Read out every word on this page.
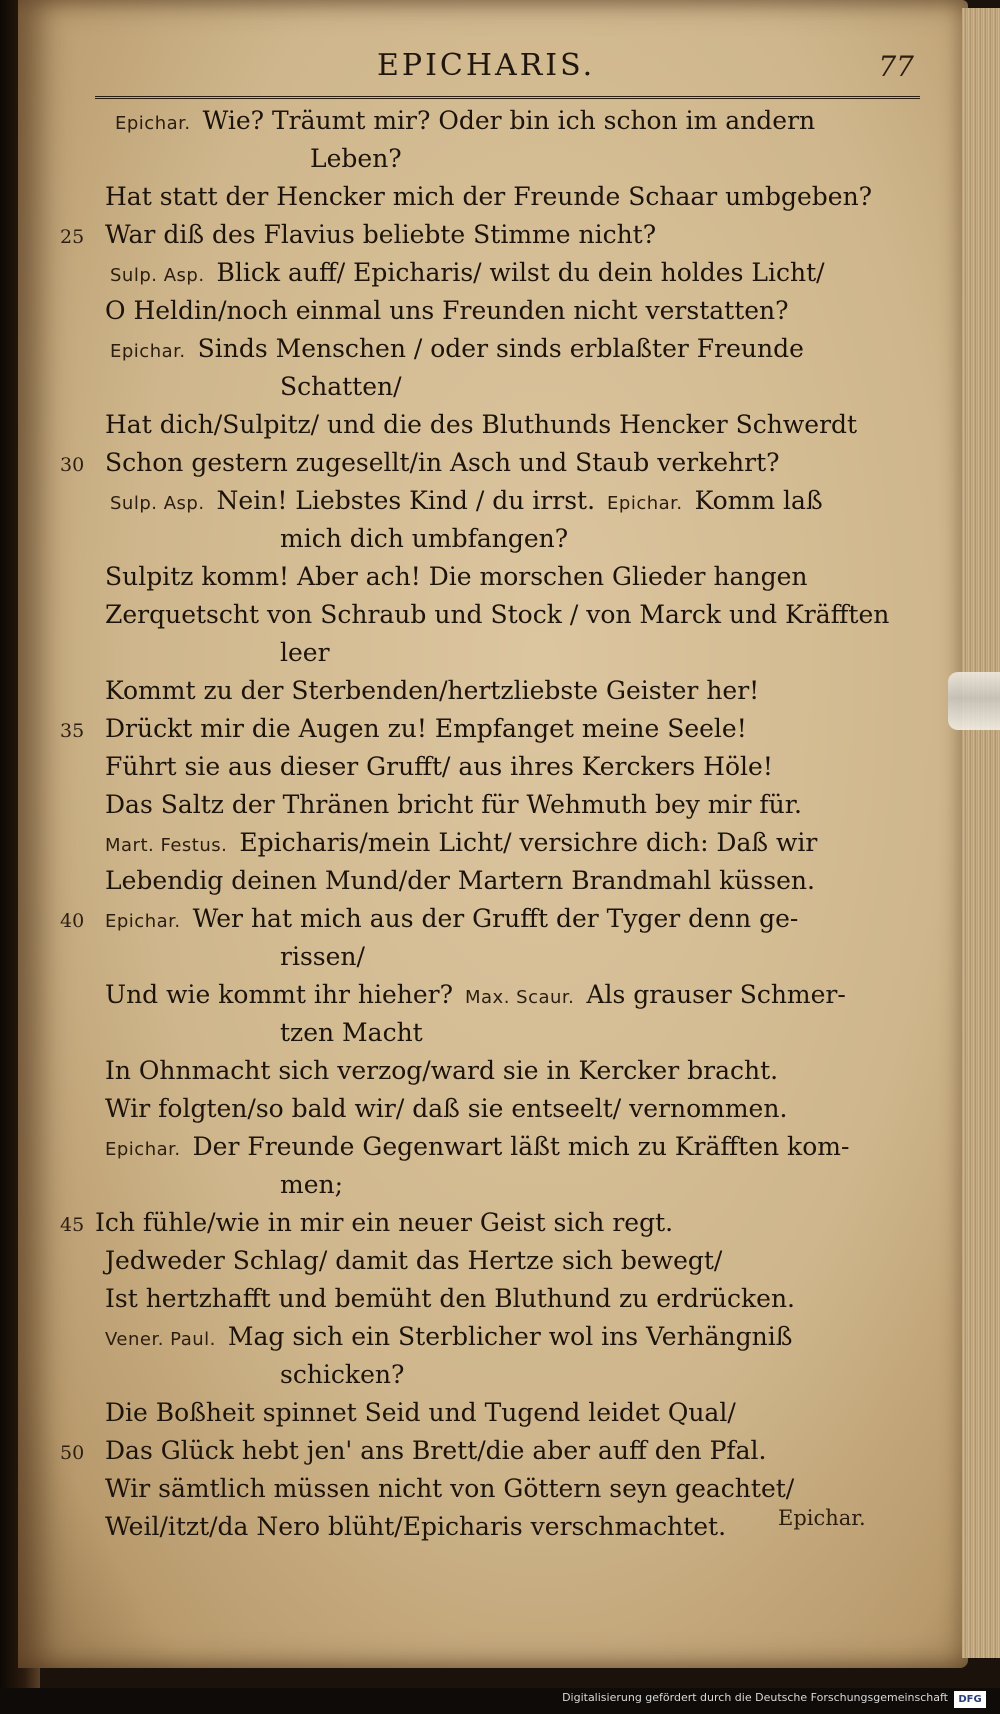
EPICHARIS.	77
Epichar. Wie? Träumt mir? Oder bin ich schon im andern
Leben?
Hat statt der Hencker mich der Freunde Schaar umbgeben?
25 War diß des Flavius beliebte Stimme nicht?
Sulp. Asp. Blick auff/ Epicharis/ wilst du dein holdes Licht/
O Heldin/noch einmal uns Freunden nicht verstatten?
Epichar. Sinds Menschen / oder sinds erblaßter Freunde
Schatten/
Hat dich/Sulpitz/ und die des Bluthunds Hencker Schwerdt
30 Schon gestern zugesellt/in Asch und Staub verkehrt?
Sulp. Asp. Nein! Liebstes Kind / du irrst. Epichar. Komm laß
mich dich umbfangen?
Sulpitz komm! Aber ach! Die morschen Glieder hangen
Zerquetscht von Schraub und Stock / von Marck und Kräfften
leer
Kommt zu der Sterbenden/hertzliebste Geister her!
35 Drückt mir die Augen zu! Empfanget meine Seele!
Führt sie aus dieser Grufft/ aus ihres Kerckers Höle!
Das Saltz der Thränen bricht für Wehmuth bey mir für.
Mart. Festus. Epicharis/mein Licht/ versichre dich: Daß wir
Lebendig deinen Mund/der Martern Brandmahl küssen.
40	Epichar. Wer hat mich aus der Grufft der Tyger denn ge-
rissen/
Und wie kommt ihr hieher? Max. Scaur. Als grauser Schmer-
tzen Macht
In Ohnmacht sich verzog/ward sie in Kercker bracht.
Wir folgten/so bald wir/ daß sie entseelt/ vernommen.
Epichar. Der Freunde Gegenwart läßt mich zu Kräfften kom-
men;
45 Ich fühle/wie in mir ein neuer Geist sich regt.
Jedweder Schlag/ damit das Hertze sich bewegt/
Ist hertzhafft und bemüht den Bluthund zu erdrücken.
Vener. Paul. Mag sich ein Sterblicher wol ins Verhängniß
schicken?
Die Boßheit spinnet Seid und Tugend leidet Qual/
50 Das Glück hebt jen' ans Brett/die aber auff den Pfal.
Wir sämtlich müssen nicht von Göttern seyn geachtet/
Weil/itzt/da Nero blüht/Epicharis verschmachtet. Epichar.
Digitalisierung gefördert durch die Deutsche Forschungsgemeinschaft	DFG
